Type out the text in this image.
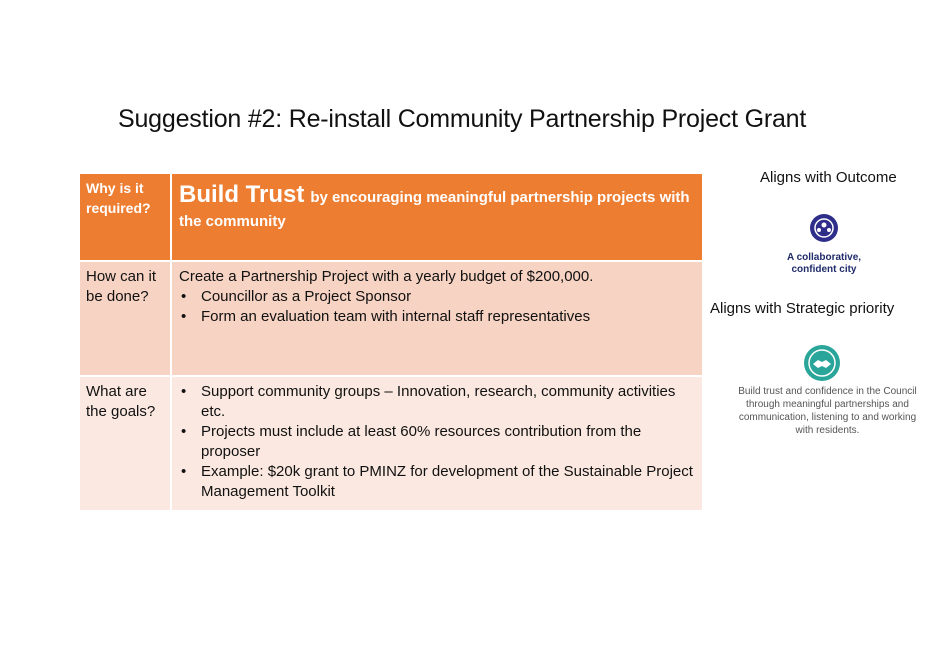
Suggestion #2: Re-install Community Partnership Project Grant
Why is it required?	Build Trust by encouraging meaningful partnership projects with the community
How can it be done?
Create a Partnership Project with a yearly budget of $200,000.
• Councillor as a Project Sponsor
• Form an evaluation team with internal staff representatives
What are the goals?
• Support community groups – Innovation, research, community activities etc.
• Projects must include at least 60% resources contribution from the proposer
• Example: $20k grant to PMINZ for development of the Sustainable Project Management Toolkit
Aligns with Outcome
A collaborative, confident city
Aligns with Strategic priority
Build trust and confidence in the Council through meaningful partnerships and communication, listening to and working with residents.
